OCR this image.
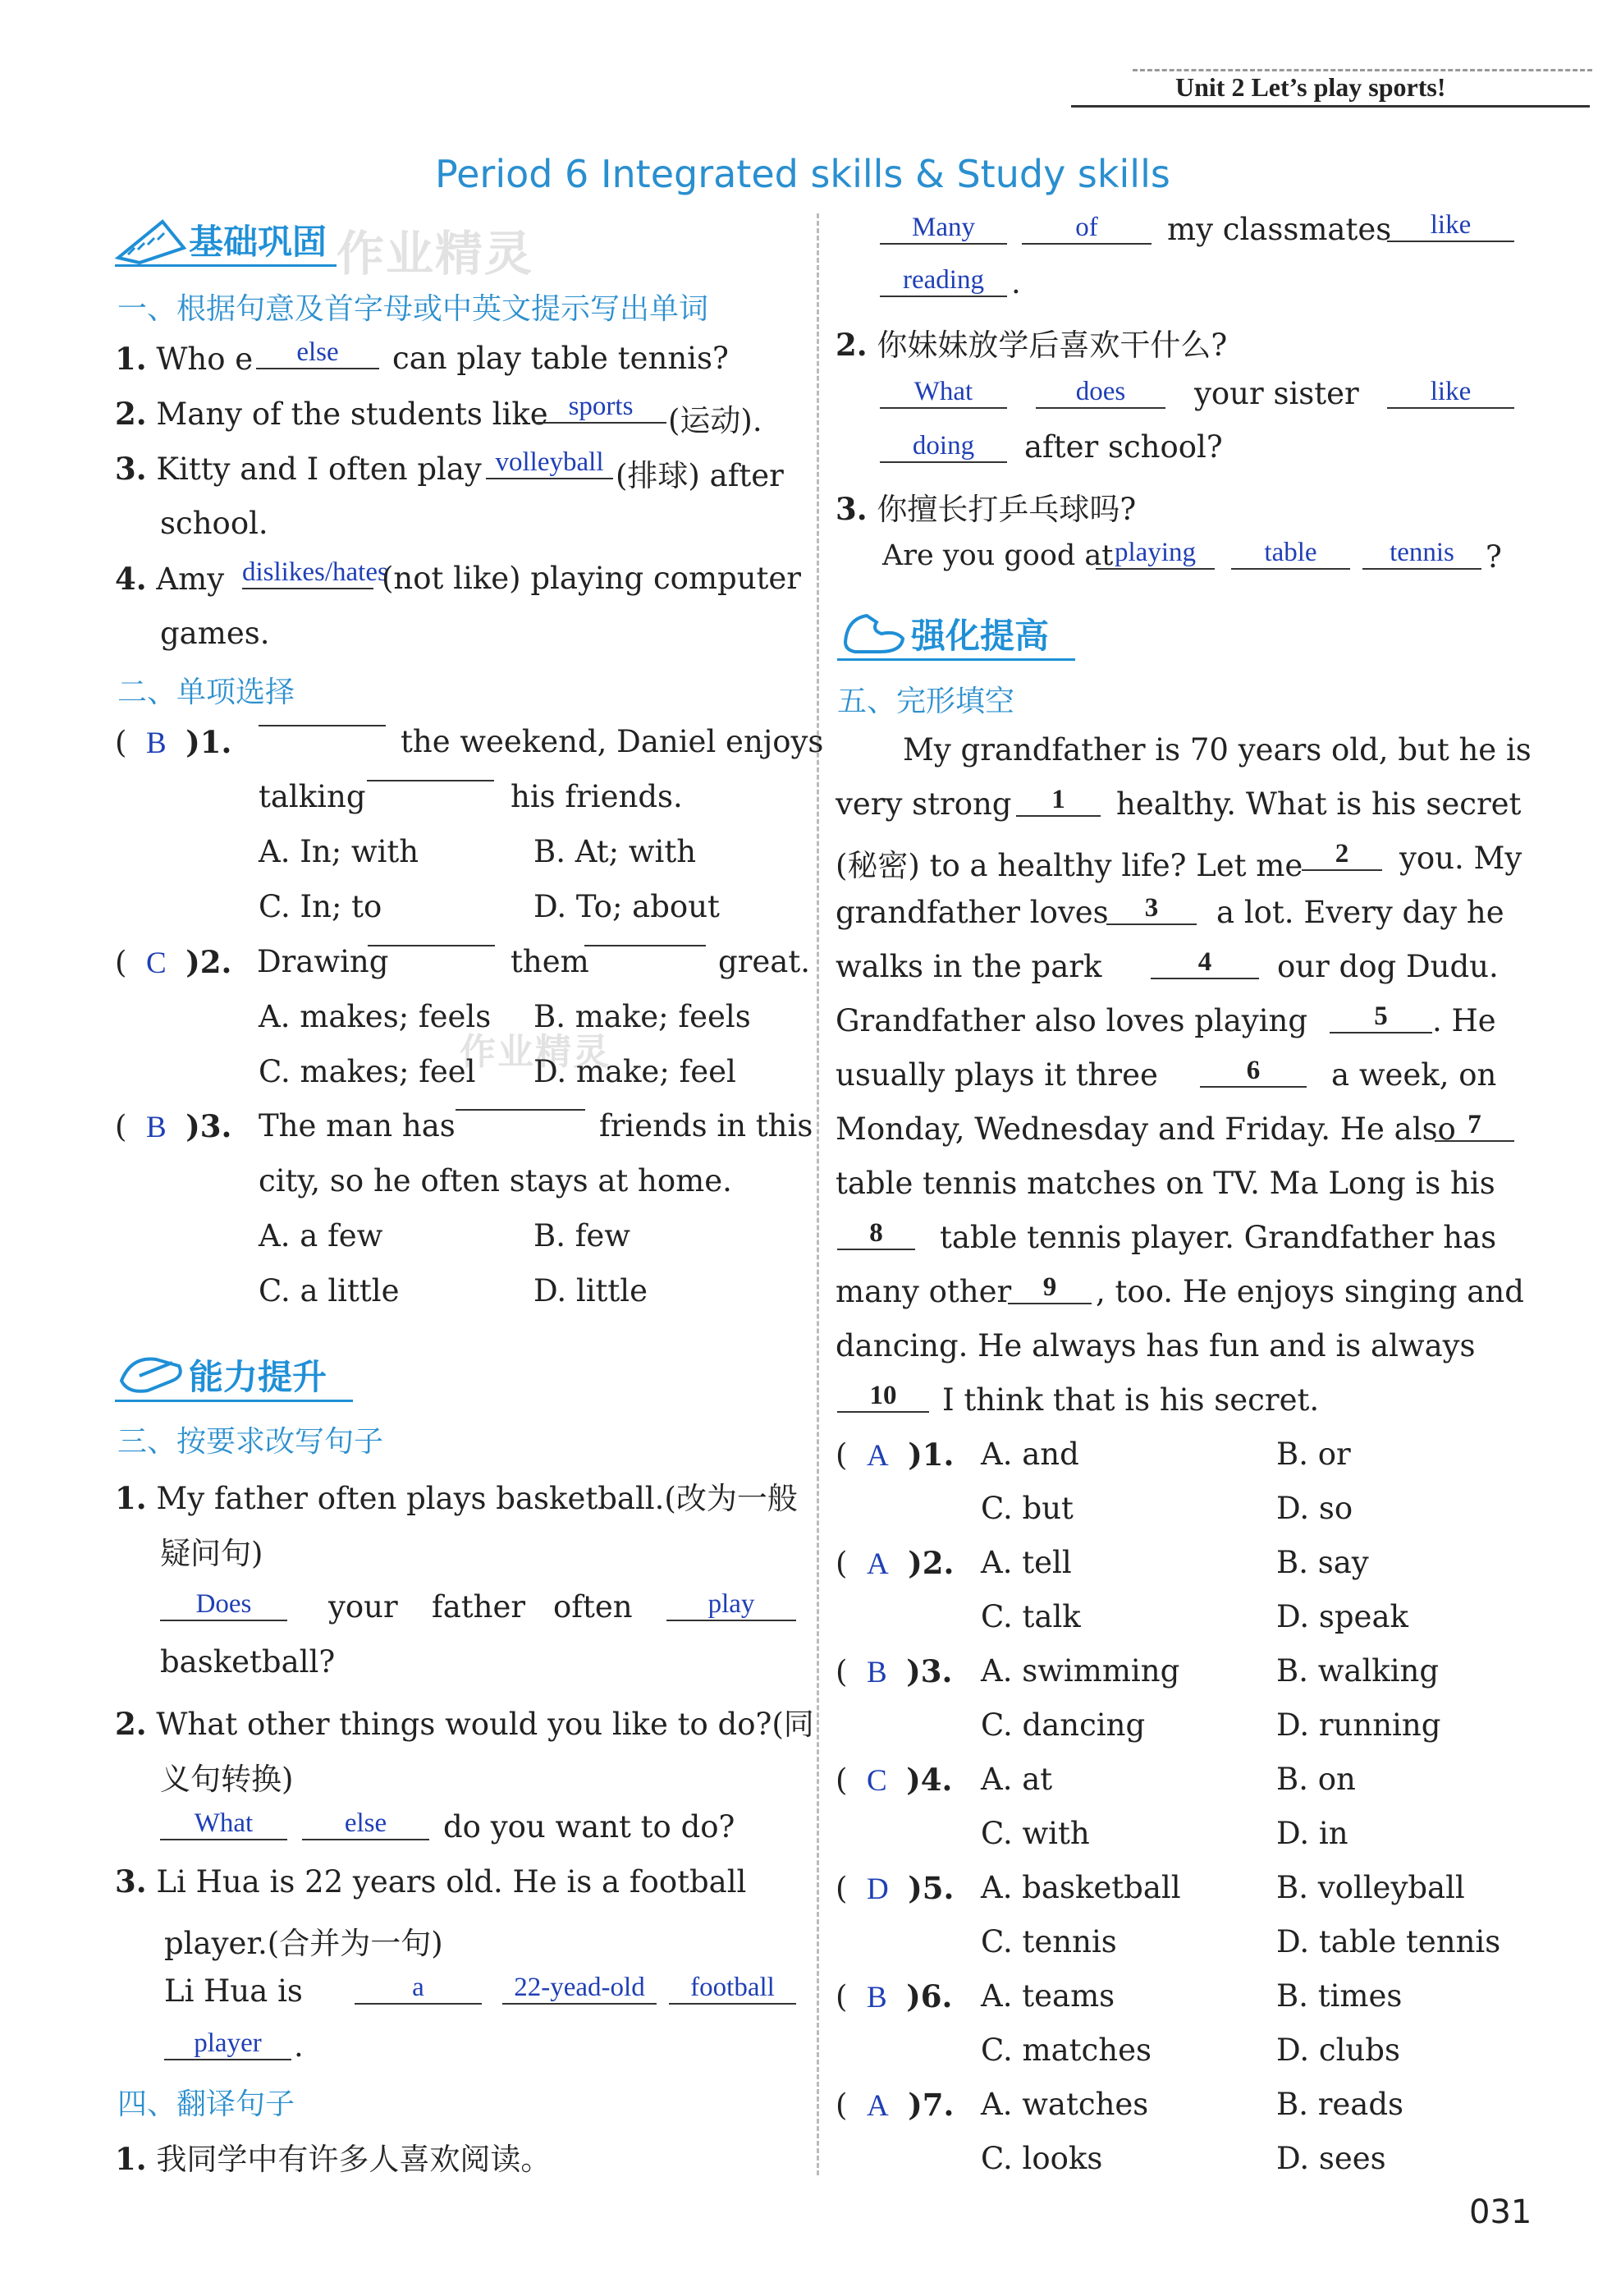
Unit 2 Let’s play sports!
Period 6 Integrated skills & Study skills
作业精灵
作业精灵
基础巩固
一、根据句意及首字母或中英文提示写出单词
1. Who e	else	can play table tennis?
2. Many of the students like sports	(运动).
3. Kitty and I often play volleyball (排球) after
school.
4. Amy dislikes/hates
(not like) playing computer
games.
二、单项选择
(  B )1.	the weekend, Daniel enjoys
talking	his friends.
A. In; with	B. At; with
C. In; to	D. To; about
(  C )2. Drawing	them	great.
A. makes; feels B. make; feels
C. makes; feel D. make; feel
(  B )3. The man has	friends in this
city, so he often stays at home.
A. a few	B. few
C. a little	D. little
能力提升
三、按要求改写句子
1. My father often plays basketball.(改为一般
疑问句)
Does	your father often	play
basketball?
2. What other things would you like to do?(同
义句转换)
What	else	do you want to do?
3. Li Hua is 22 years old. He is a football
player.(合并为一句)
Li Hua is	a	22-yead-old	football
player	.
四、翻译句子
1. 我同学中有许多人喜欢阅读。
Many	of	my classmates	like
reading .
2. 你妹妹放学后喜欢干什么?
What	does	your sister	like
doing	after school?
3. 你擅长打乒乓球吗?
Are you good at playing	table	tennis	?
强化提高
五、完形填空
My grandfather is 70 years old, but he is
very strong	1	healthy. What is his secret
(秘密) to a healthy life? Let me	2	you. My
grandfather loves	3	a lot. Every day he
walks in the park	4	our dog Dudu.
Grandfather also loves playing	5	. He
usually plays it three	6	a week, on
Monday, Wednesday and Friday. He also 7
table tennis matches on TV. Ma Long is his
8	table tennis player. Grandfather has
many other	9	, too. He enjoys singing and
dancing. He always has fun and is always
10	I think that is his secret.
(  A )1. A. and	B. or
C. but	D. so
(  A )2. A. tell	B. say
C. talk	D. speak
(  B )3. A. swimming	B. walking
C. dancing	D. running
(  C )4. A. at	B. on
C. with	D. in
(  D )5. A. basketball	B. volleyball
C. tennis	D. table tennis
(  B )6. A. teams	B. times
C. matches	D. clubs
(  A )7. A. watches	B. reads
C. looks	D. sees
031
